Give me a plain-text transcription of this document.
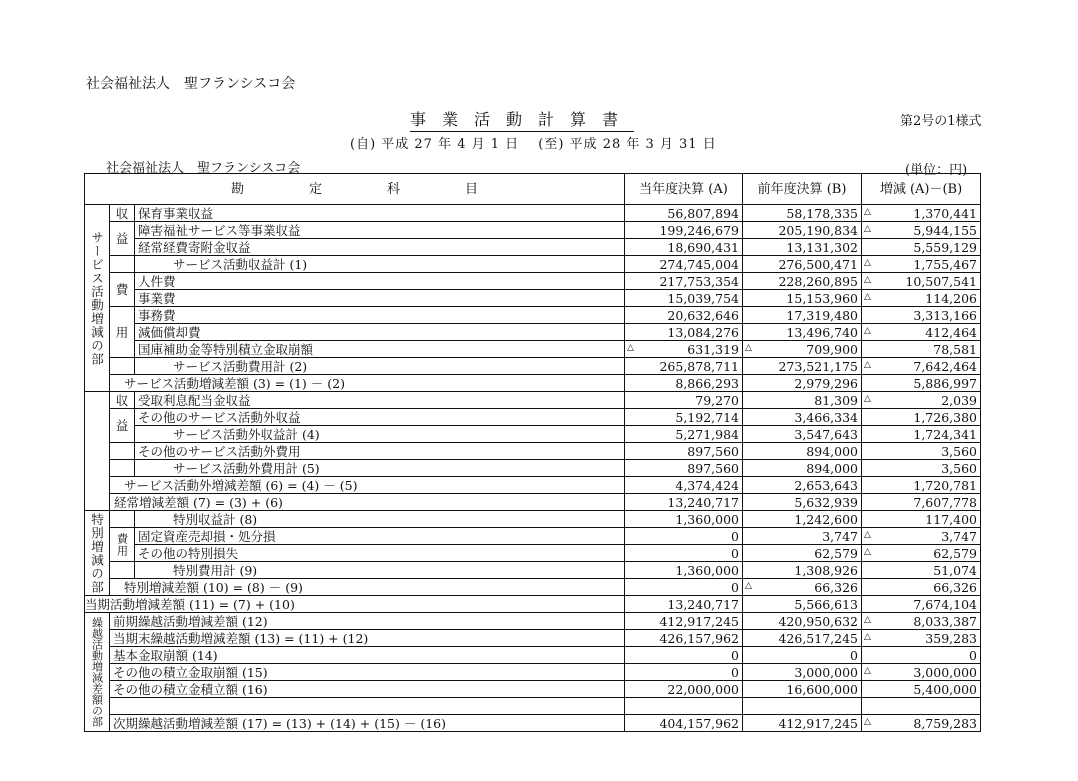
社会福祉法人　聖フランシスコ会
事業活動計算書	第2号の1様式
(自) 平成 27 年 4 月 1 日　 (至) 平成 28 年 3 月 31 日
社会福祉法人　聖フランシスコ会	(単位：円)
勘　　　　　定　　　　　科　　　　　目			当年度決算 (A)	前年度決算 (B)	増減 (A)－(B)
サービス活動増減の部	収	保育事業収益	56,807,894	58,178,335	△ 1,370,441
	益	障害福祉サービス等事業収益	199,246,679	205,190,834	△ 5,944,155
		経常経費寄附金収益	18,690,431	13,131,302	5,559,129
		サービス活動収益計 (1)	274,745,004	276,500,471	△ 1,755,467
	費	人件費	217,753,354	228,260,895	△ 10,507,541
		事業費	15,039,754	15,153,960	△ 114,206
	用	事務費	20,632,646	17,319,480	3,313,166
		減価償却費	13,084,276	13,496,740	△ 412,464
		国庫補助金等特別積立金取崩額	△ 631,319	△ 709,900	78,581
		サービス活動費用計 (2)	265,878,711	273,521,175	△ 7,642,464
	サービス活動増減差額 (3) = (1) － (2)		8,866,293	2,979,296	5,886,997
	収	受取利息配当金収益	79,270	81,309	△ 2,039
	益	その他のサービス活動外収益	5,192,714	3,466,334	1,726,380
		サービス活動外収益計 (4)	5,271,984	3,547,643	1,724,341
		その他のサービス活動外費用	897,560	894,000	3,560
		サービス活動外費用計 (5)	897,560	894,000	3,560
	サービス活動外増減差額 (6) = (4) － (5)		4,374,424	2,653,643	1,720,781
	経常増減差額 (7) = (3) + (6)		13,240,717	5,632,939	7,607,778
特別増減の部		特別収益計 (8)	1,360,000	1,242,600	117,400
	費用	固定資産売却損・処分損	0	3,747	△ 3,747
		その他の特別損失	0	62,579	△ 62,579
		特別費用計 (9)	1,360,000	1,308,926	51,074
	特別増減差額 (10) = (8) － (9)		0	△ 66,326	66,326
当期活動増減差額 (11) = (7) + (10)			13,240,717	5,566,613	7,674,104
繰越活動増減差額の部	前期繰越活動増減差額 (12)		412,917,245	420,950,632	△ 8,033,387
	当期末繰越活動増減差額 (13) = (11) + (12)		426,157,962	426,517,245	△ 359,283
	基本金取崩額 (14)		0	0	0
	その他の積立金取崩額 (15)		0	3,000,000	△ 3,000,000
	その他の積立金積立額 (16)		22,000,000	16,600,000	5,400,000

	次期繰越活動増減差額 (17) = (13) + (14) + (15) － (16)		404,157,962	412,917,245	△ 8,759,283
